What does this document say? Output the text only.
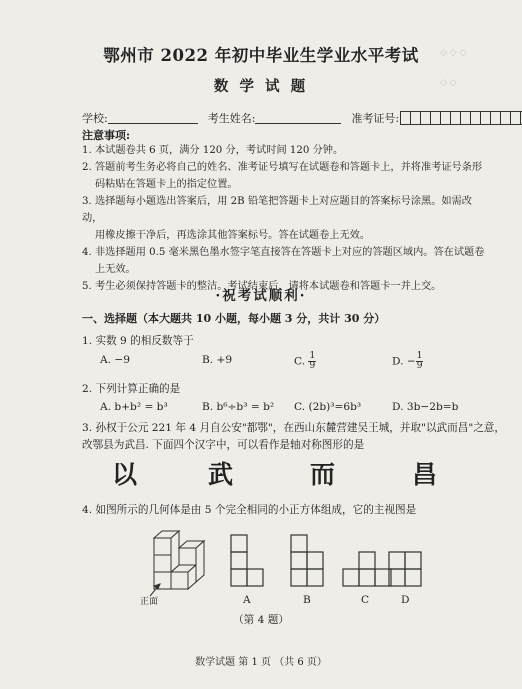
◇ ◇ ◇
◇ ◇
鄂州市 2022 年初中毕业生学业水平考试
数 学 试 题
学校:	考生姓名:	准考证号:
注意事项:

1. 本试题卷共 6 页，满分 120 分，考试时间 120 分钟。

2. 答题前考生务必将自己的姓名、准考证号填写在试题卷和答题卡上，并将准考证号条形

码粘贴在答题卡上的指定位置。

3. 选择题每小题选出答案后，用 2B 铅笔把答题卡上对应题目的答案标号涂黑。如需改动，

用橡皮擦干净后，再选涂其他答案标号。答在试题卷上无效。

4. 非选择题用 0.5 毫米黑色墨水签字笔直接答在答题卡上对应的答题区域内。答在试题卷

上无效。

5. 考生必须保持答题卡的整洁。考试结束后，请将本试题卷和答题卡一并上交。

·祝考试顺利·
一、选择题（本大题共 10 小题，每小题 3 分，共计 30 分）
1. 实数 9 的相反数等于
A. −9	B. +9	C. $\frac{1}{9}$	D. − $\frac{1}{9}$
2. 下列计算正确的是
A. b+b² = b³	B. b⁶÷b³ = b² C. (2b)³=6b³	D. 3b−2b=b
3. 孙权于公元 221 年 4 月自公安"都鄂"，在西山东麓营建吴王城，并取"以武而昌"之意，
改鄂县为武昌. 下面四个汉字中，可以看作是轴对称图形的是
以	武	而	昌
4. 如图所示的几何体是由 5 个完全相同的小正方体组成，它的主视图是
正面	A	B	C	D
（第 4 题）
数学试题 第 1 页 （共 6 页）
